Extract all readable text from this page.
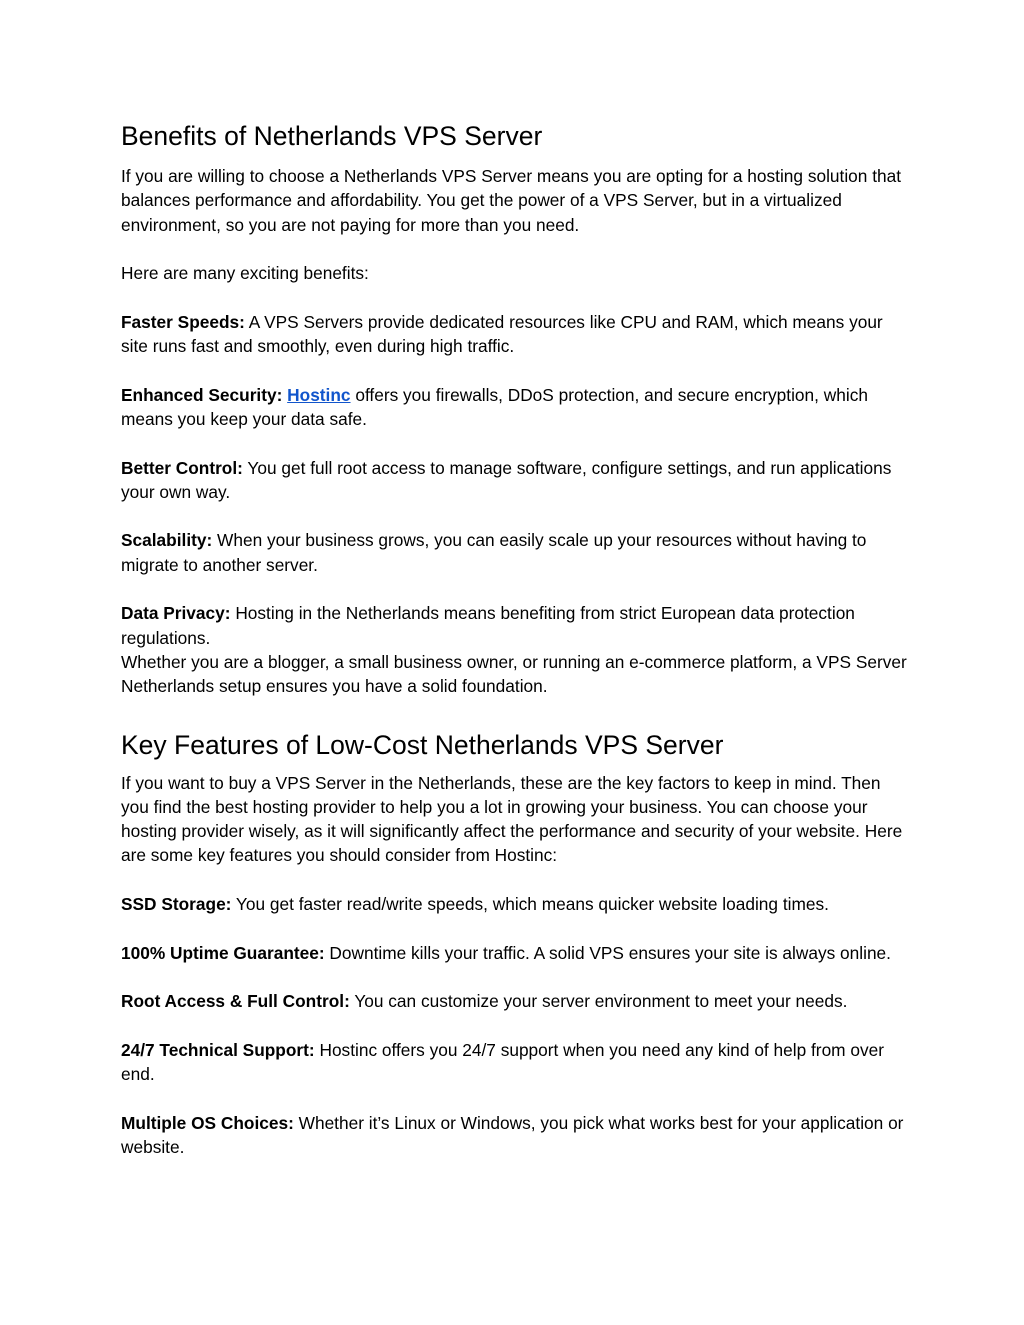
Benefits of Netherlands VPS Server

If you are willing to choose a Netherlands VPS Server means you are opting for a hosting solution that balances performance and affordability. You get the power of a VPS Server, but in a virtualized environment, so you are not paying for more than you need.

Here are many exciting benefits:

Faster Speeds: A VPS Servers provide dedicated resources like CPU and RAM, which means your site runs fast and smoothly, even during high traffic.

Enhanced Security: Hostinc offers you firewalls, DDoS protection, and secure encryption, which means you keep your data safe.

Better Control: You get full root access to manage software, configure settings, and run applications your own way.

Scalability: When your business grows, you can easily scale up your resources without having to migrate to another server.

Data Privacy: Hosting in the Netherlands means benefiting from strict European data protection regulations.

Whether you are a blogger, a small business owner, or running an e-commerce platform, a VPS Server Netherlands setup ensures you have a solid foundation.

Key Features of Low-Cost Netherlands VPS Server

If you want to buy a VPS Server in the Netherlands, these are the key factors to keep in mind. Then you find the best hosting provider to help you a lot in growing your business. You can choose your hosting provider wisely, as it will significantly affect the performance and security of your website. Here are some key features you should consider from Hostinc:

SSD Storage: You get faster read/write speeds, which means quicker website loading times.

100% Uptime Guarantee: Downtime kills your traffic. A solid VPS ensures your site is always online.

Root Access & Full Control: You can customize your server environment to meet your needs.

24/7 Technical Support: Hostinc offers you 24/7 support when you need any kind of help from over end.

Multiple OS Choices: Whether it’s Linux or Windows, you pick what works best for your application or website.
